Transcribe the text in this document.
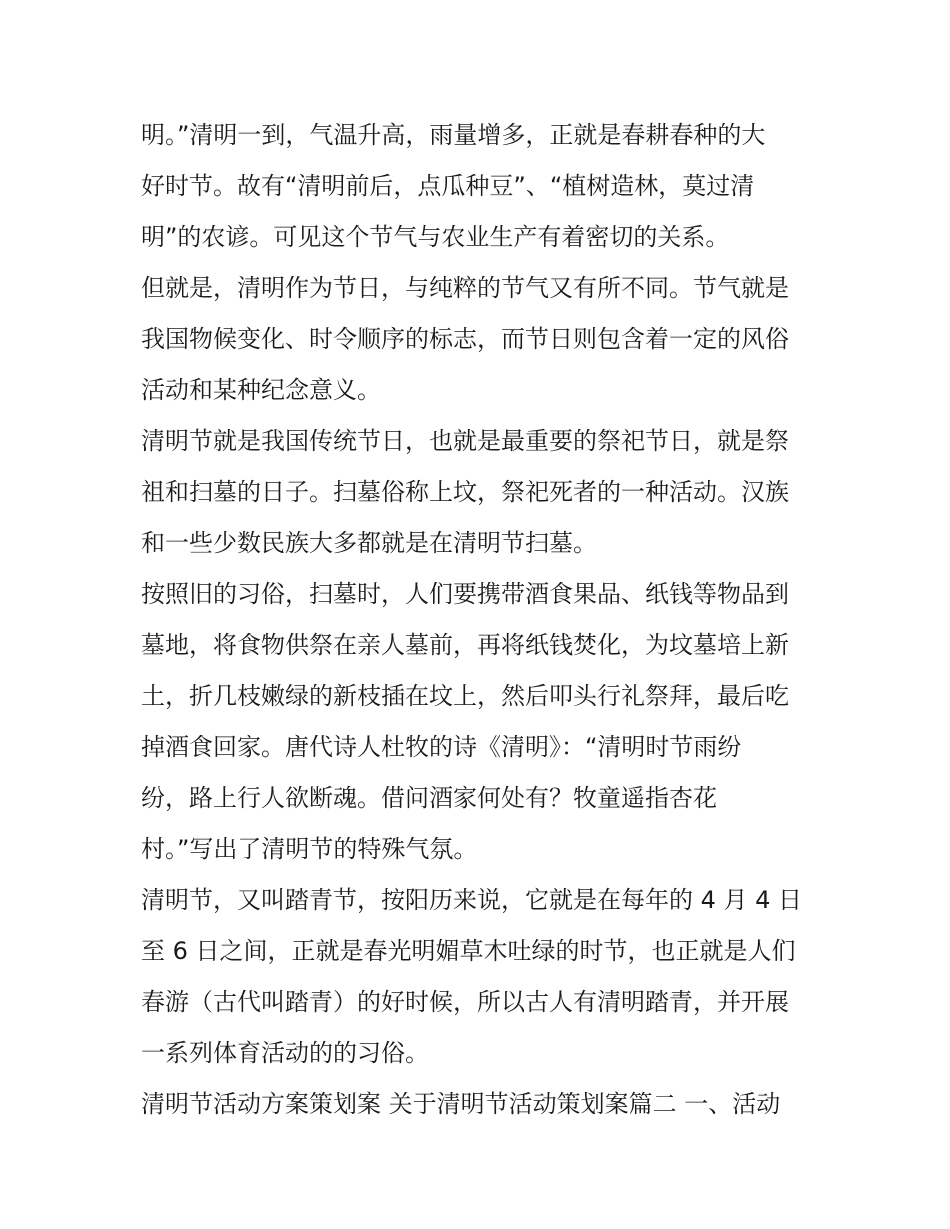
明。”清明一到，气温升高，雨量增多，正就是春耕春种的大
好时节。故有“清明前后，点瓜种豆”、“植树造林，莫过清
明”的农谚。可见这个节气与农业生产有着密切的关系。
但就是，清明作为节日，与纯粹的节气又有所不同。节气就是
我国物候变化、时令顺序的标志，而节日则包含着一定的风俗
活动和某种纪念意义。
清明节就是我国传统节日，也就是最重要的祭祀节日，就是祭
祖和扫墓的日子。扫墓俗称上坟，祭祀死者的一种活动。汉族
和一些少数民族大多都就是在清明节扫墓。
按照旧的习俗，扫墓时，人们要携带酒食果品、纸钱等物品到
墓地，将食物供祭在亲人墓前，再将纸钱焚化，为坟墓培上新
土，折几枝嫩绿的新枝插在坟上，然后叩头行礼祭拜，最后吃
掉酒食回家。唐代诗人杜牧的诗《清明》：“清明时节雨纷
纷，路上行人欲断魂。借问酒家何处有？牧童遥指杏花
村。”写出了清明节的特殊气氛。
清明节，又叫踏青节，按阳历来说，它就是在每年的 4 月 4 日
至 6 日之间，正就是春光明媚草木吐绿的时节，也正就是人们
春游（古代叫踏青）的好时候，所以古人有清明踏青，并开展
一系列体育活动的的习俗。
清明节活动方案策划案 关于清明节活动策划案篇二 一、活动
